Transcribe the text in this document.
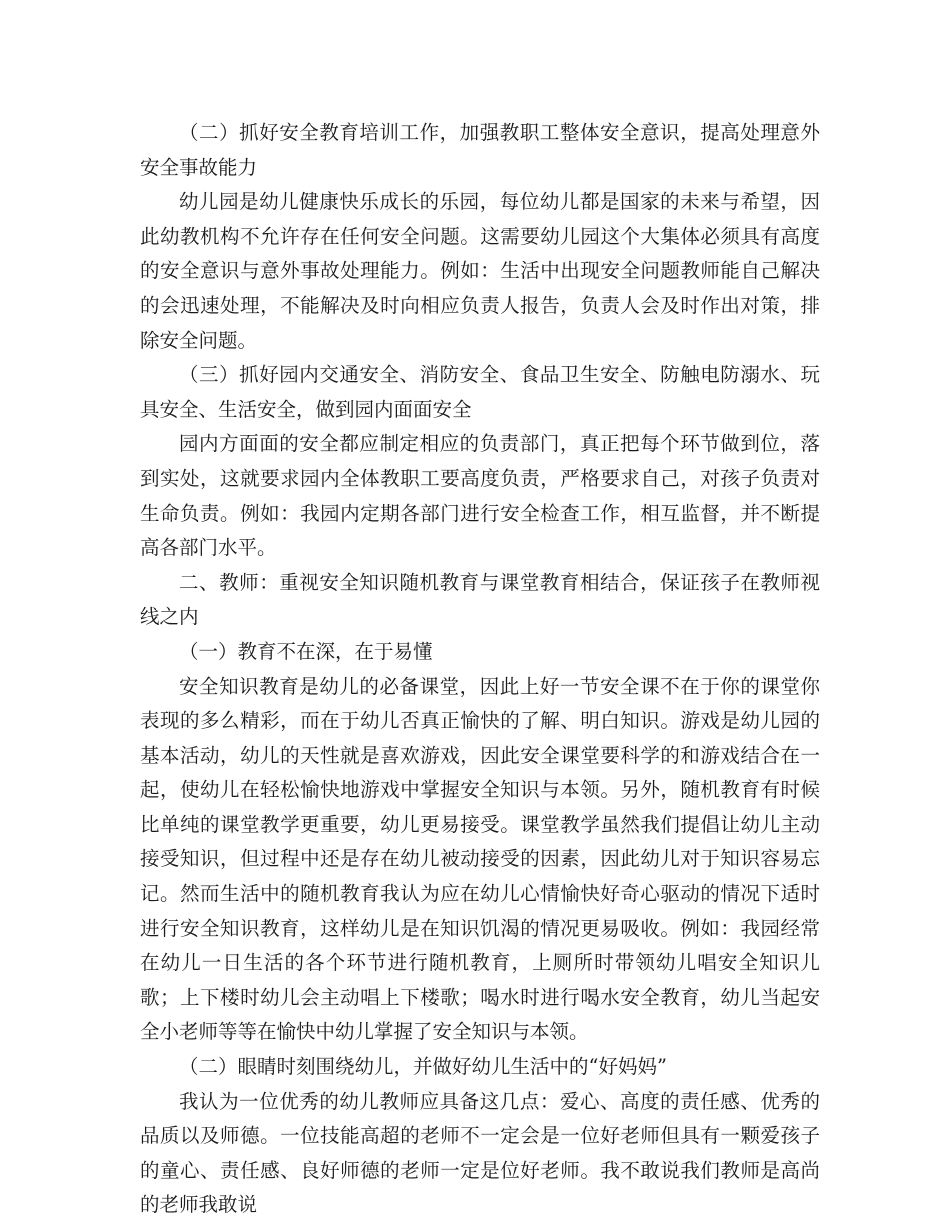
（二）抓好安全教育培训工作，加强教职工整体安全意识，提高处理意外安全事故能力

幼儿园是幼儿健康快乐成长的乐园，每位幼儿都是国家的未来与希望，因此幼教机构不允许存在任何安全问题。这需要幼儿园这个大集体必须具有高度的安全意识与意外事故处理能力。例如：生活中出现安全问题教师能自己解决的会迅速处理，不能解决及时向相应负责人报告，负责人会及时作出对策，排除安全问题。

（三）抓好园内交通安全、消防安全、食品卫生安全、防触电防溺水、玩具安全、生活安全，做到园内面面安全

园内方面面的安全都应制定相应的负责部门，真正把每个环节做到位，落到实处，这就要求园内全体教职工要高度负责，严格要求自己，对孩子负责对生命负责。例如：我园内定期各部门进行安全检查工作，相互监督，并不断提高各部门水平。

二、教师：重视安全知识随机教育与课堂教育相结合，保证孩子在教师视线之内

（一）教育不在深，在于易懂

安全知识教育是幼儿的必备课堂，因此上好一节安全课不在于你的课堂你表现的多么精彩，而在于幼儿否真正愉快的了解、明白知识。游戏是幼儿园的基本活动，幼儿的天性就是喜欢游戏，因此安全课堂要科学的和游戏结合在一起，使幼儿在轻松愉快地游戏中掌握安全知识与本领。另外，随机教育有时候比单纯的课堂教学更重要，幼儿更易接受。课堂教学虽然我们提倡让幼儿主动接受知识，但过程中还是存在幼儿被动接受的因素，因此幼儿对于知识容易忘记。然而生活中的随机教育我认为应在幼儿心情愉快好奇心驱动的情况下适时进行安全知识教育，这样幼儿是在知识饥渴的情况更易吸收。例如：我园经常在幼儿一日生活的各个环节进行随机教育，上厕所时带领幼儿唱安全知识儿歌；上下楼时幼儿会主动唱上下楼歌；喝水时进行喝水安全教育，幼儿当起安全小老师等等在愉快中幼儿掌握了安全知识与本领。

（二）眼睛时刻围绕幼儿，并做好幼儿生活中的“好妈妈”

我认为一位优秀的幼儿教师应具备这几点：爱心、高度的责任感、优秀的品质以及师德。一位技能高超的老师不一定会是一位好老师但具有一颗爱孩子的童心、责任感、良好师德的老师一定是位好老师。我不敢说我们教师是高尚的老师我敢说
